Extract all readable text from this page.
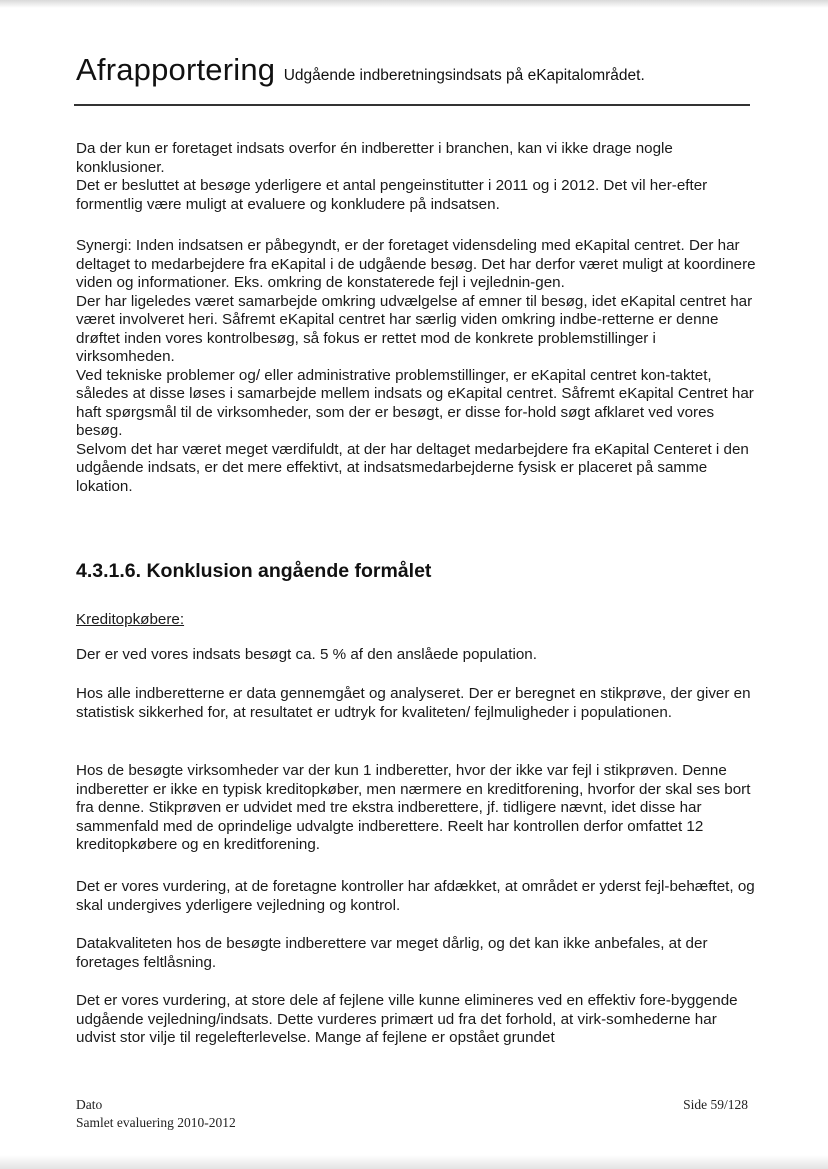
Afrapportering Udgående indberetningsindsats på eKapitalområdet.

Da der kun er foretaget indsats overfor én indberetter i branchen, kan vi ikke drage nogle konklusioner.

Det er besluttet at besøge yderligere et antal pengeinstitutter i 2011 og i 2012. Det vil her-efter formentlig være muligt at evaluere og konkludere på indsatsen.

Synergi: Inden indsatsen er påbegyndt, er der foretaget vidensdeling med eKapital centret. Der har deltaget to medarbejdere fra eKapital i de udgående besøg. Det har derfor været muligt at koordinere viden og informationer. Eks. omkring de konstaterede fejl i vejlednin-gen.

Der har ligeledes været samarbejde omkring udvælgelse af emner til besøg, idet eKapital centret har været involveret heri. Såfremt eKapital centret har særlig viden omkring indbe-retterne er denne drøftet inden vores kontrolbesøg, så fokus er rettet mod de konkrete problemstillinger i virksomheden.

Ved tekniske problemer og/ eller administrative problemstillinger, er eKapital centret kon-taktet, således at disse løses i samarbejde mellem indsats og eKapital centret. Såfremt eKapital Centret har haft spørgsmål til de virksomheder, som der er besøgt, er disse for-hold søgt afklaret ved vores besøg.

Selvom det har været meget værdifuldt, at der har deltaget medarbejdere fra eKapital Centeret i den udgående indsats, er det mere effektivt, at indsatsmedarbejderne fysisk er placeret på samme lokation.

4.3.1.6. Konklusion angående formålet
Kreditopkøbere:
Der er ved vores indsats besøgt ca. 5 % af den anslåede population.
Hos alle indberetterne er data gennemgået og analyseret. Der er beregnet en stikprøve, der giver en statistisk sikkerhed for, at resultatet er udtryk for kvaliteten/ fejlmuligheder i populationen.
Hos de besøgte virksomheder var der kun 1 indberetter, hvor der ikke var fejl i stikprøven. Denne indberetter er ikke en typisk kreditopkøber, men nærmere en kreditforening, hvorfor der skal ses bort fra denne. Stikprøven er udvidet med tre ekstra indberettere, jf. tidligere nævnt, idet disse har sammenfald med de oprindelige udvalgte indberettere. Reelt har kontrollen derfor omfattet 12 kreditopkøbere og en kreditforening.
Det er vores vurdering, at de foretagne kontroller har afdækket, at området er yderst fejl-behæftet, og skal undergives yderligere vejledning og kontrol.
Datakvaliteten hos de besøgte indberettere var meget dårlig, og det kan ikke anbefales, at der foretages feltlåsning.
Det er vores vurdering, at store dele af fejlene ville kunne elimineres ved en effektiv fore-byggende udgående vejledning/indsats. Dette vurderes primært ud fra det forhold, at virk-somhederne har udvist stor vilje til regelefterlevelse. Mange af fejlene er opstået grundet
Dato
Samlet evaluering 2010-2012
Side 59/128
